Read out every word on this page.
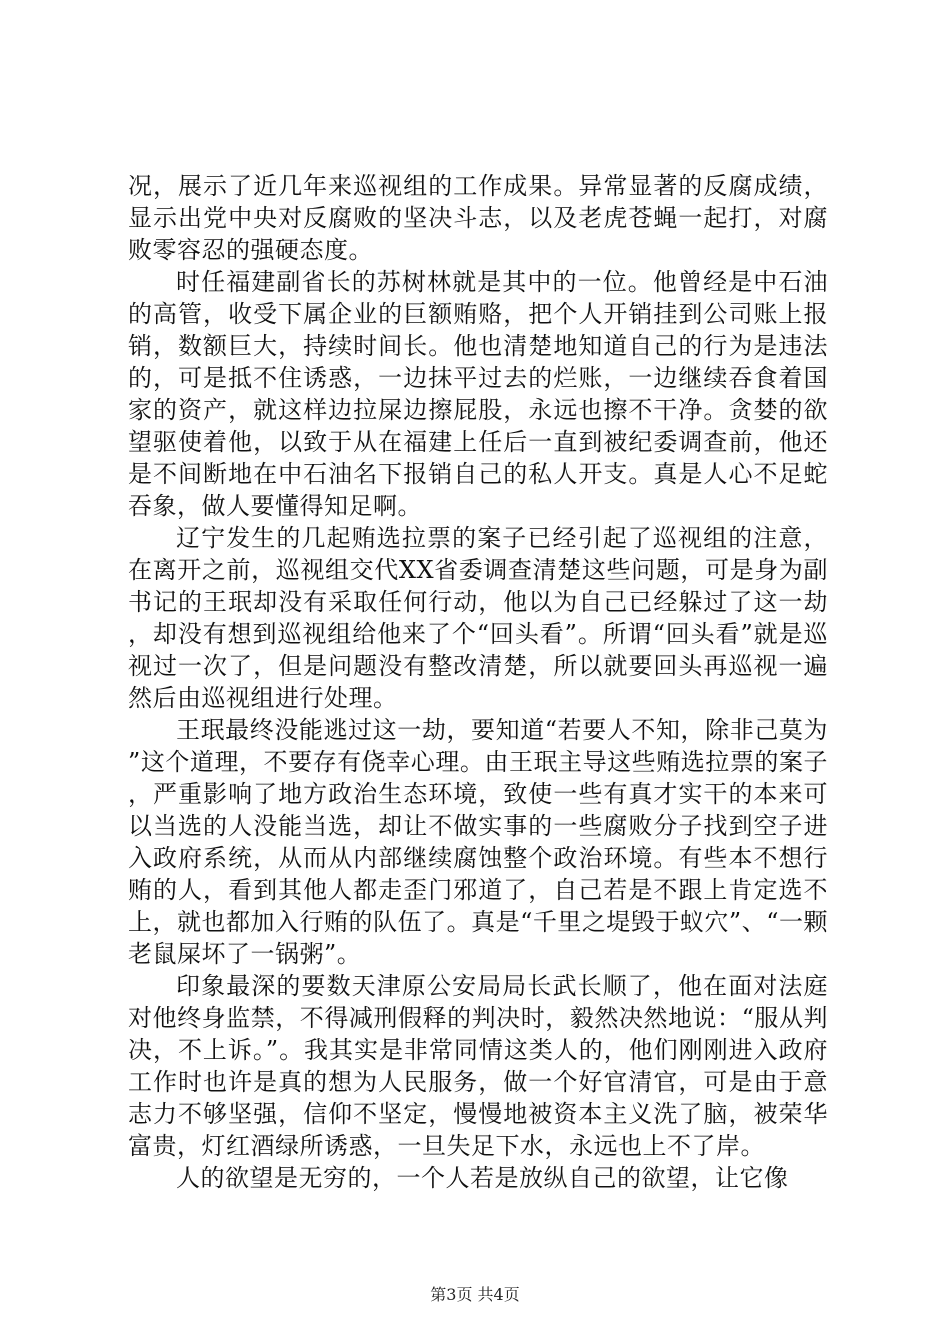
况，展示了近几年来巡视组的工作成果。异常显著的反腐成绩，显示出党中央对反腐败的坚决斗志，以及老虎苍蝇一起打，对腐败零容忍的强硬态度。

时任福建副省长的苏树林就是其中的一位。他曾经是中石油的高管，收受下属企业的巨额贿赂，把个人开销挂到公司账上报销，数额巨大，持续时间长。他也清楚地知道自己的行为是违法的，可是抵不住诱惑，一边抹平过去的烂账，一边继续吞食着国家的资产，就这样边拉屎边擦屁股，永远也擦不干净。贪婪的欲望驱使着他，以致于从在福建上任后一直到被纪委调查前，他还是不间断地在中石油名下报销自己的私人开支。真是人心不足蛇吞象，做人要懂得知足啊。

辽宁发生的几起贿选拉票的案子已经引起了巡视组的注意，在离开之前，巡视组交代XX省委调查清楚这些问题，可是身为副书记的王珉却没有采取任何行动，他以为自己已经躲过了这一劫，却没有想到巡视组给他来了个“回头看”。所谓“回头看”就是巡视过一次了，但是问题没有整改清楚，所以就要回头再巡视一遍然后由巡视组进行处理。

王珉最终没能逃过这一劫，要知道“若要人不知，除非己莫为”这个道理，不要存有侥幸心理。由王珉主导这些贿选拉票的案子，严重影响了地方政治生态环境，致使一些有真才实干的本来可以当选的人没能当选，却让不做实事的一些腐败分子找到空子进入政府系统，从而从内部继续腐蚀整个政治环境。有些本不想行贿的人，看到其他人都走歪门邪道了，自己若是不跟上肯定选不上，就也都加入行贿的队伍了。真是“千里之堤毁于蚁穴”、“一颗老鼠屎坏了一锅粥”。

印象最深的要数天津原公安局局长武长顺了，他在面对法庭对他终身监禁，不得减刑假释的判决时，毅然决然地说：“服从判决，不上诉。”。我其实是非常同情这类人的，他们刚刚进入政府工作时也许是真的想为人民服务，做一个好官清官，可是由于意志力不够坚强，信仰不坚定，慢慢地被资本主义洗了脑，被荣华富贵，灯红酒绿所诱惑，一旦失足下水，永远也上不了岸。

人的欲望是无穷的，一个人若是放纵自己的欲望，让它像

第3页 共4页
